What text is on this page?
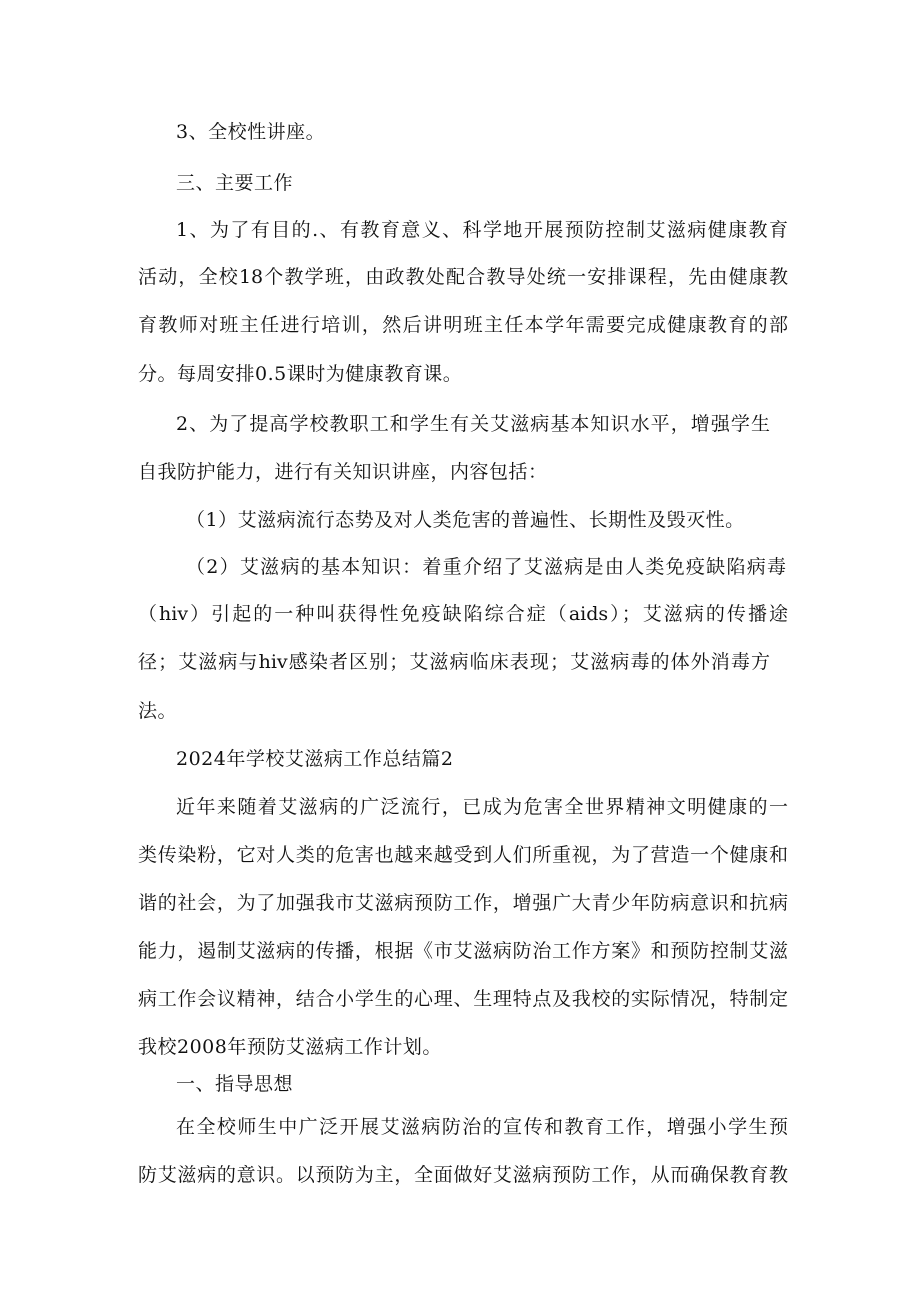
3、全校性讲座。
三、主要工作
1、为了有目的.、有教育意义、科学地开展预防控制艾滋病健康教育
活动，全校18个教学班，由政教处配合教导处统一安排课程，先由健康教
育教师对班主任进行培训，然后讲明班主任本学年需要完成健康教育的部
分。每周安排0.5课时为健康教育课。
2、为了提高学校教职工和学生有关艾滋病基本知识水平，增强学生
自我防护能力，进行有关知识讲座，内容包括：
（1）艾滋病流行态势及对人类危害的普遍性、长期性及毁灭性。
（2）艾滋病的基本知识：着重介绍了艾滋病是由人类免疫缺陷病毒
（hiv）引起的一种叫获得性免疫缺陷综合症（aids）；艾滋病的传播途
径；艾滋病与hiv感染者区别；艾滋病临床表现；艾滋病毒的体外消毒方
法。
2024年学校艾滋病工作总结篇2
近年来随着艾滋病的广泛流行，已成为危害全世界精神文明健康的一
类传染粉，它对人类的危害也越来越受到人们所重视，为了营造一个健康和
谐的社会，为了加强我市艾滋病预防工作，增强广大青少年防病意识和抗病
能力，遏制艾滋病的传播，根据《市艾滋病防治工作方案》和预防控制艾滋
病工作会议精神，结合小学生的心理、生理特点及我校的实际情况，特制定
我校2008年预防艾滋病工作计划。
一、指导思想
在全校师生中广泛开展艾滋病防治的宣传和教育工作，增强小学生预
防艾滋病的意识。以预防为主，全面做好艾滋病预防工作，从而确保教育教
